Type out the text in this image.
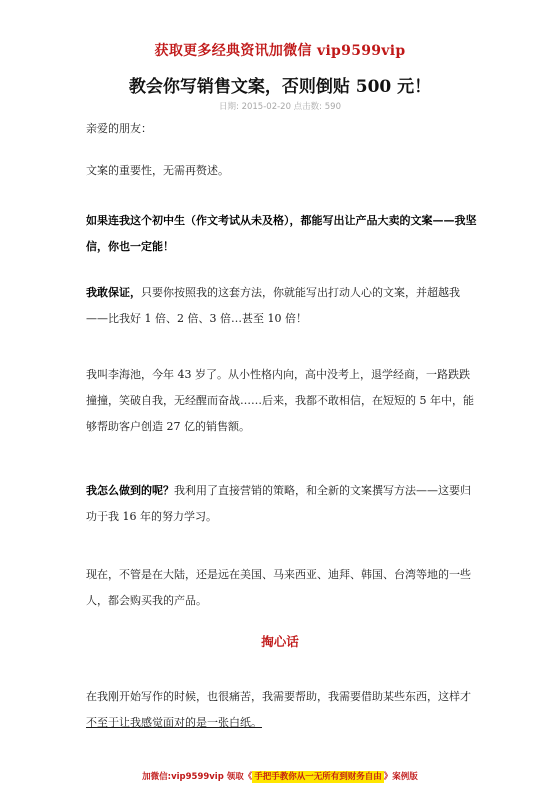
获取更多经典资讯加微信 vip9599vip
教会你写销售文案，否则倒贴 500 元！
日期: 2015-02-20 点击数: 590
亲爱的朋友：
文案的重要性，无需再赘述。
如果连我这个初中生（作文考试从未及格），都能写出让产品大卖的文案——我坚信，你也一定能！
我敢保证，只要你按照我的这套方法，你就能写出打动人心的文案，并超越我——比我好 1 倍、2 倍、3 倍…甚至 10 倍！
我叫李海池，今年 43 岁了。从小性格内向，高中没考上，退学经商，一路跌跌撞撞，笑破自我，无经醒而奋战……后来，我都不敢相信，在短短的 5 年中，能够帮助客户创造 27 亿的销售额。
我怎么做到的呢？我利用了直接营销的策略，和全新的文案撰写方法——这要归功于我 16 年的努力学习。
现在，不管是在大陆，还是远在美国、马来西亚、迪拜、韩国、台湾等地的一些人，都会购买我的产品。
掏心话
在我刚开始写作的时候，也很痛苦，我需要帮助，我需要借助某些东西，这样才不至于让我感觉面对的是一张白纸。
加微信:vip9599vip 领取《 手把手教你从一无所有到财务自由 》案例版
